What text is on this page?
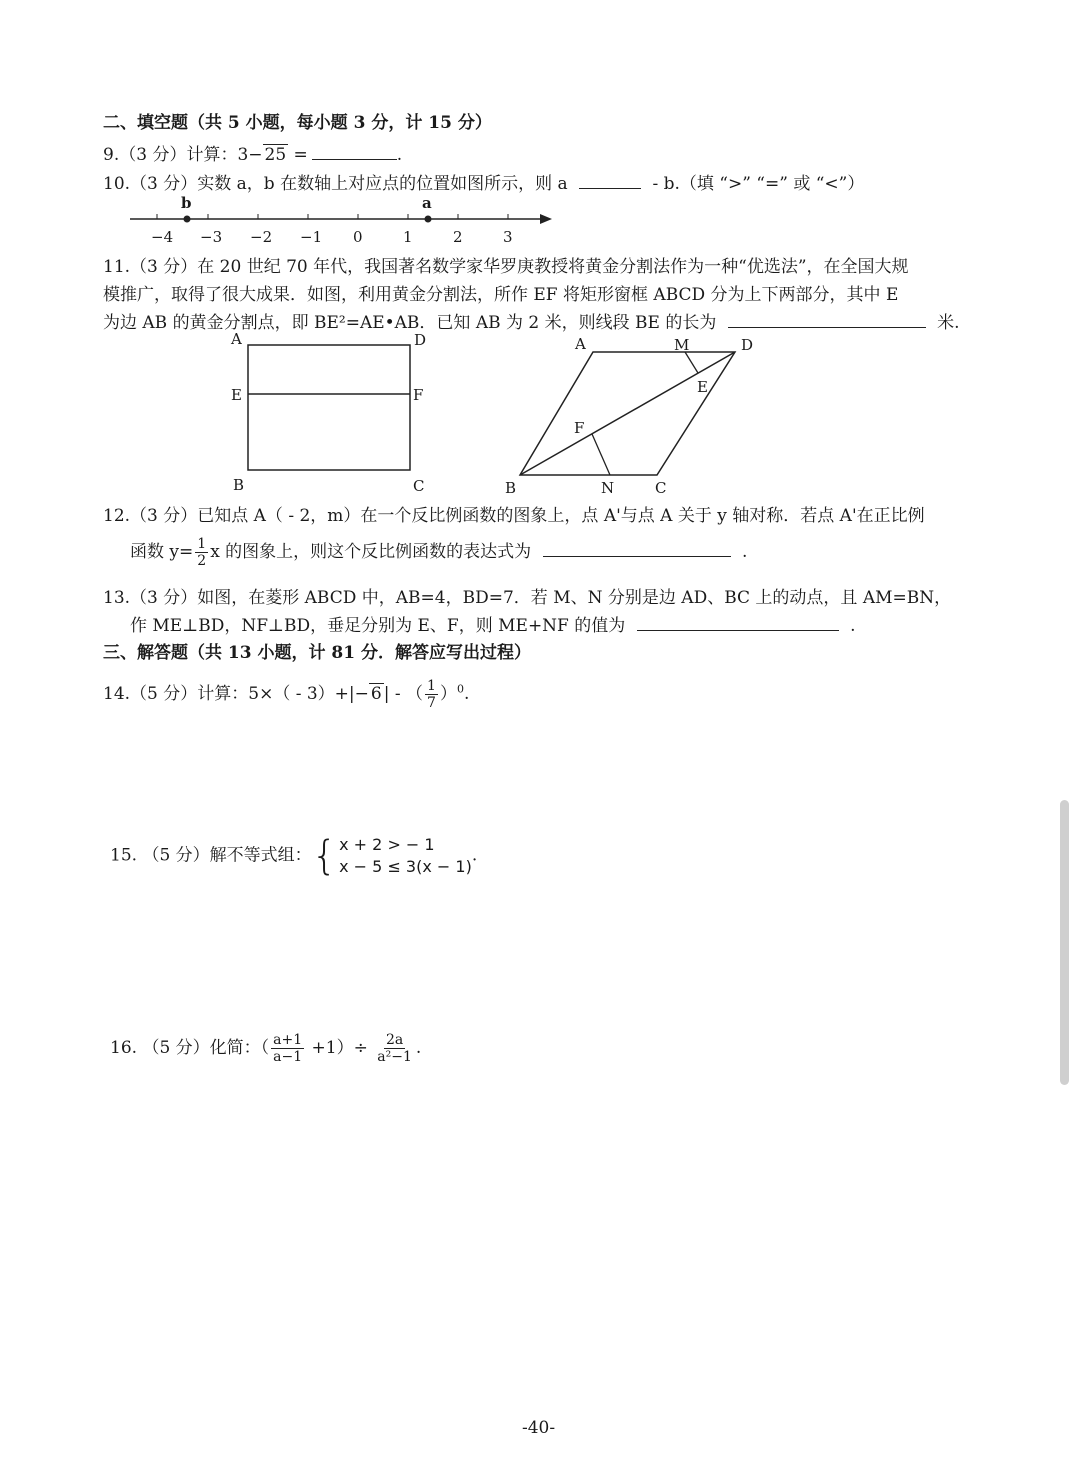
二、填空题（共 5 小题，每小题 3 分，计 15 分）
9.（3 分）计算：3− 25 =	.
10.（3 分）实数 a，b 在数轴上对应点的位置如图所示，则 a	- b.（填 “>” “=” 或 “<”）
−4 −3 −2 −1 0	1	2	3
b	a
11.（3 分）在 20 世纪 70 年代，我国著名数学家华罗庚教授将黄金分割法作为一种“优选法”，在全国大规
模推广，取得了很大成果．如图，利用黄金分割法，所作 EF 将矩形窗框 ABCD 分为上下两部分，其中 E
为边 AB 的黄金分割点，即 BE²=AE•AB．已知 AB 为 2 米，则线段 BE 的长为	米.
A	D
E	F
B	C
A	M	D
E
F
B	N	C
12.（3 分）已知点 A（ - 2，m）在一个反比例函数的图象上，点 A'与点 A 关于 y 轴对称．若点 A'在正比例
函数 $y= \frac{1}{2}$ x 的图象上，则这个反比例函数的表达式为	.
13.（3 分）如图，在菱形 ABCD 中，AB=4，BD=7．若 M、N 分别是边 AD、BC 上的动点，且 AM=BN，
作 ME⊥BD，NF⊥BD，垂足分别为 E、F，则 ME+NF 的值为	.
三、解答题（共 13 小题，计 81 分．解答应写出过程）
14.（5 分）计算：5×（ - 3）+|− 6 | - （ $\frac{1}{7} )^0$.
15. （5 分）解不等式组： { x + 2 > − 1
x − 5 ≤ 3(x − 1)
.
16. （5 分）化简：（ $\frac{a+1}{a-1} +1)\div \frac{2a}{\text{a²−1}}$ .
-40-
